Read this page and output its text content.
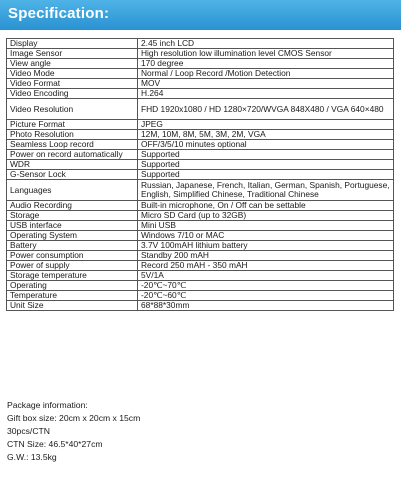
Specification:
Display	2.45 inch LCD
Image Sensor	High resolution low illumination level CMOS Sensor
View angle	170 degree
Video Mode	Normal / Loop Record /Motion Detection
Video Format	MOV
Video Encoding	H.264
Video Resolution	FHD 1920x1080 / HD 1280×720/WVGA 848X480 / VGA 640×480
Picture Format	JPEG
Photo Resolution	12M, 10M, 8M, 5M, 3M, 2M, VGA
Seamless Loop record	OFF/3/5/10 minutes optional
Power on record automatically	Supported
WDR	Supported
G-Sensor Lock	Supported
Languages	Russian, Japanese, French, Italian, German, Spanish, Portuguese, English, Simplified Chinese, Traditional Chinese
Audio Recording	Built-in microphone, On / Off can be settable
Storage	Micro SD Card (up to 32GB)
USB interface	Mini USB
Operating System	Windows 7/10 or MAC
Battery	3.7V 100mAH lithium battery
Power consumption	Standby 200 mAH
Power of supply	Record 250 mAH - 350 mAH
Storage temperature	5V/1A
Operating	-20℃~70℃
Temperature	-20℃~60℃
Unit Size	68*88*30mm
Package information:
Gift box size: 20cm x 20cm x 15cm
30pcs/CTN
CTN Size: 46.5*40*27cm
G.W.: 13.5kg
